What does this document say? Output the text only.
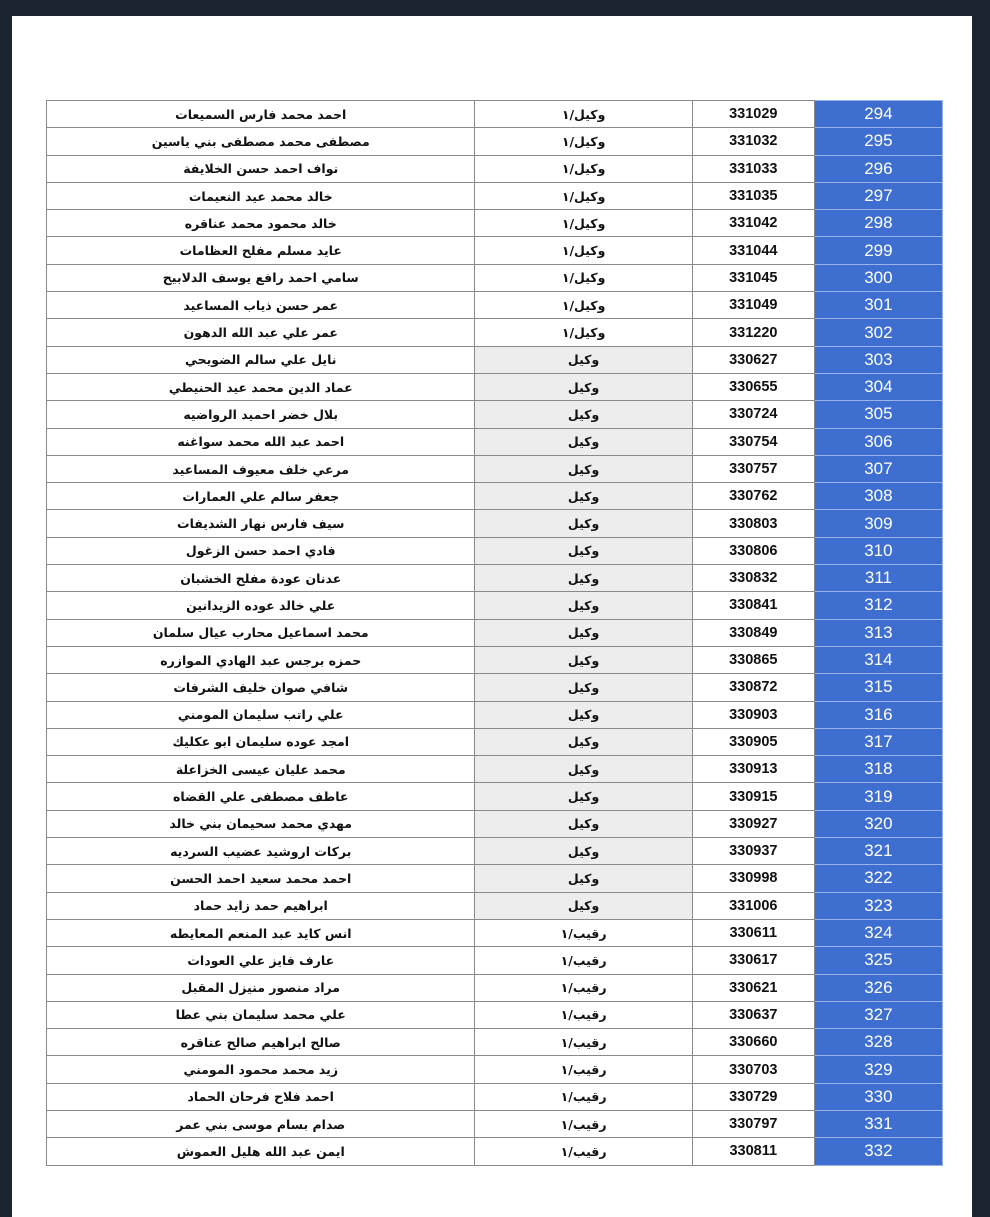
احمد محمد فارس السميعات	وكيل/١	331029	294
مصطفى محمد مصطفى بني ياسين	وكيل/١	331032	295
نواف احمد حسن الخلايفة	وكيل/١	331033	296
خالد محمد عيد النعيمات	وكيل/١	331035	297
خالد محمود محمد عناقره	وكيل/١	331042	298
عايد مسلم مفلح العظامات	وكيل/١	331044	299
سامي احمد رافع يوسف الدلابيح	وكيل/١	331045	300
عمر حسن ذياب المساعيد	وكيل/١	331049	301
عمر علي عبد الله الدهون	وكيل/١	331220	302
نايل علي سالم الضويحي	وكيل	330627	303
عماد الدين محمد عيد الحنيطي	وكيل	330655	304
بلال خضر احميد الرواضيه	وكيل	330724	305
احمد عبد الله محمد سواغنه	وكيل	330754	306
مرعي خلف معيوف المساعيد	وكيل	330757	307
جعفر سالم علي العمارات	وكيل	330762	308
سيف فارس نهار الشديفات	وكيل	330803	309
فادي احمد حسن الزغول	وكيل	330806	310
عدنان عودة مفلح الخشبان	وكيل	330832	311
علي خالد عوده الزيدانين	وكيل	330841	312
محمد اسماعيل محارب عيال سلمان	وكيل	330849	313
حمزه برجس عبد الهادي الموازره	وكيل	330865	314
شافي صوان خليف الشرفات	وكيل	330872	315
علي راتب سليمان المومني	وكيل	330903	316
امجد عوده سليمان ابو عكليك	وكيل	330905	317
محمد عليان عيسى الخزاعلة	وكيل	330913	318
عاطف مصطفى علي القضاه	وكيل	330915	319
مهدي محمد سحيمان بني خالد	وكيل	330927	320
بركات اروشيد عضيب السرديه	وكيل	330937	321
احمد محمد سعيد احمد الحسن	وكيل	330998	322
ابراهيم حمد زايد حماد	وكيل	331006	323
انس كايد عبد المنعم المعايطه	رقيب/١	330611	324
عارف فايز علي العودات	رقيب/١	330617	325
مراد منصور منيزل المقبل	رقيب/١	330621	326
علي محمد سليمان بني عطا	رقيب/١	330637	327
صالح ابراهيم صالح عناقره	رقيب/١	330660	328
زيد محمد محمود المومني	رقيب/١	330703	329
احمد فلاح فرحان الحماد	رقيب/١	330729	330
صدام بسام موسى بني عمر	رقيب/١	330797	331
ايمن عبد الله هليل العموش	رقيب/١	330811	332
